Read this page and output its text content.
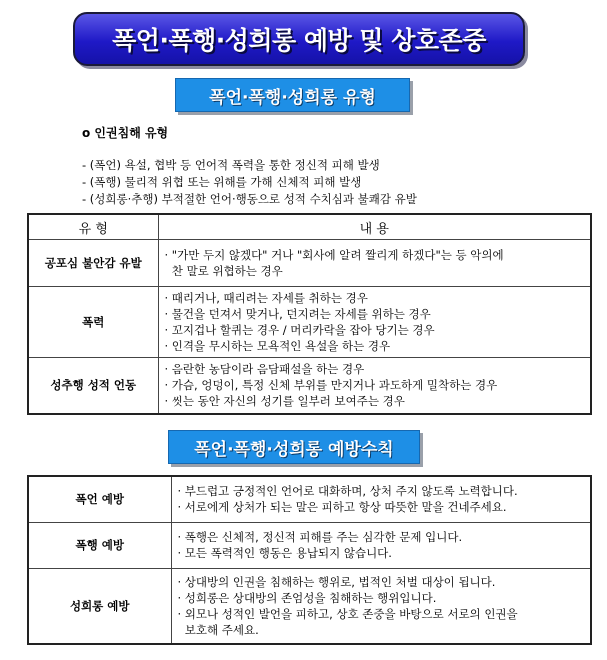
폭언·폭행·성희롱 예방 및 상호존중
폭언·폭행·성희롱 유형
o 인권침해 유형
- (폭언) 욕설, 협박 등 언어적 폭력을 통한 정신적 피해 발생
- (폭행) 물리적 위협 또는 위해를 가해 신체적 피해 발생
- (성희롱·추행) 부적절한 언어·행동으로 성적 수치심과 불쾌감 유발
유 형	내 용
공포심 불안감 유발	· "가만 두지 않겠다" 거나 "회사에 알려 짤리게 하겠다"는 등 악의에
찬 말로 위협하는 경우

폭력	· 때리거나, 때리려는 자세를 취하는 경우
· 물건을 던져서 맞거나, 던지려는 자세를 위하는 경우
· 꼬지겁나 할퀴는 경우 / 머리카락을 잡아 당기는 경우
· 인격을 무시하는 모욕적인 욕설을 하는 경우

성추행 성적 언동	· 음란한 농담이라 음담패설을 하는 경우
· 가슴, 엉덩이, 특정 신체 부위를 만지거나 과도하게 밀착하는 경우
· 씻는 동안 자신의 성기를 일부러 보여주는 경우
폭언·폭행·성희롱 예방수칙
폭언 예방	· 부드럽고 긍정적인 언어로 대화하며, 상처 주지 않도록 노력합니다.
· 서로에게 상처가 되는 말은 피하고 항상 따뜻한 말을 건네주세요.

폭행 예방	· 폭행은 신체적, 정신적 피해를 주는 심각한 문제 입니다.
· 모든 폭력적인 행동은 용납되지 않습니다.

성희롱 예방	· 상대방의 인권을 침해하는 행위로, 법적인 처벌 대상이 됩니다.
· 성희롱은 상대방의 존엄성을 침해하는 행위입니다.
· 외모나 성적인 발언을 피하고, 상호 존중을 바탕으로 서로의 인권을
보호해 주세요.
